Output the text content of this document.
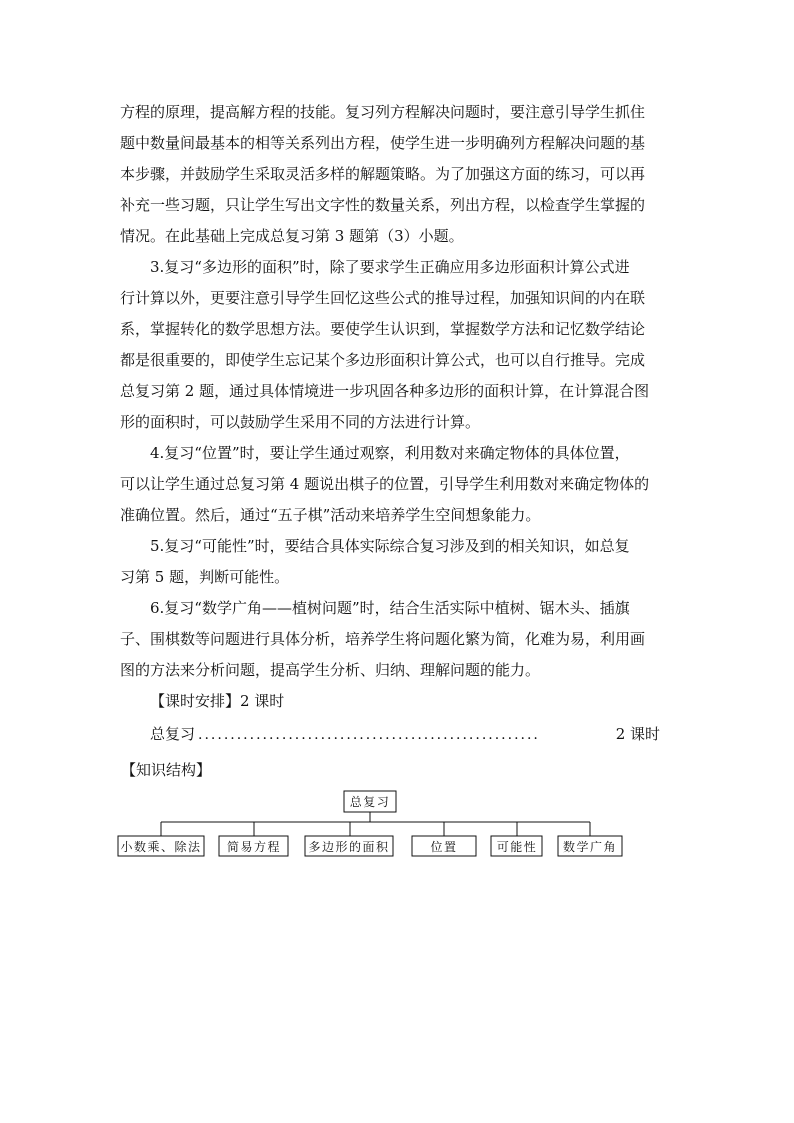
方程的原理，提高解方程的技能。复习列方程解决问题时，要注意引导学生抓住
题中数量间最基本的相等关系列出方程，使学生进一步明确列方程解决问题的基
本步骤，并鼓励学生采取灵活多样的解题策略。为了加强这方面的练习，可以再
补充一些习题，只让学生写出文字性的数量关系，列出方程，以检查学生掌握的
情况。在此基础上完成总复习第 3 题第（3）小题。
3.复习“多边形的面积”时，除了要求学生正确应用多边形面积计算公式进
行计算以外，更要注意引导学生回忆这些公式的推导过程，加强知识间的内在联
系，掌握转化的数学思想方法。要使学生认识到，掌握数学方法和记忆数学结论
都是很重要的，即使学生忘记某个多边形面积计算公式，也可以自行推导。完成
总复习第 2 题，通过具体情境进一步巩固各种多边形的面积计算，在计算混合图
形的面积时，可以鼓励学生采用不同的方法进行计算。
4.复习“位置”时，要让学生通过观察，利用数对来确定物体的具体位置，
可以让学生通过总复习第 4 题说出棋子的位置，引导学生利用数对来确定物体的
准确位置。然后，通过“五子棋”活动来培养学生空间想象能力。
5.复习“可能性”时，要结合具体实际综合复习涉及到的相关知识，如总复
习第 5 题，判断可能性。
6.复习“数学广角——植树问题”时，结合生活实际中植树、锯木头、插旗
子、围棋数等问题进行具体分析，培养学生将问题化繁为简，化难为易，利用画
图的方法来分析问题，提高学生分析、归纳、理解问题的能力。
【课时安排】2 课时
总复习 .....................................................	2 课时
【知识结构】
总复习
小数乘、除法 简易方程 多边形的面积	位置	可能性 数学广角
